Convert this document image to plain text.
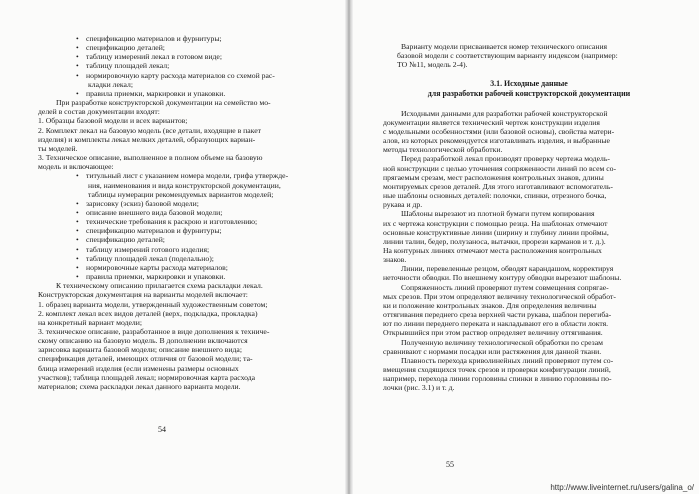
• спецификацию материалов и фурнитуры;
• спецификацию деталей;
• таблицу измерений лекал в готовом виде;
• таблицу площадей лекал;
• нормировочную карту расхода материалов со схемой рас-
кладки лекал;
• правила приемки, маркировки и упаковки.
При разработке конструкторской документации на семейство мо-
делей в состав документации входят:
1. Образцы базовой модели и всех вариантов;
2. Комплект лекал на базовую модель (все детали, входящие в пакет
изделия) и комплекты лекал мелких деталей, образующих вариан-
ты моделей.
3. Техническое описание, выполненное в полном объеме на базовую
модель и включающее:
• титульный лист с указанием номера модели, грифа утвержде-
ния, наименования и вида конструкторской документации,
таблицы нумерации рекомендуемых вариантов моделей;
• зарисовку (эскиз) базовой модели;
• описание внешнего вида базовой модели;
• технические требования к раскрою и изготовлению;
• спецификацию материалов и фурнитуры;
• спецификацию деталей;
• таблицу измерений готового изделия;
• таблицу площадей лекал (поделально);
• нормировочные карты расхода материалов;
• правила приемки, маркировки и упаковки.
К техническому описанию прилагается схема раскладки лекал.
Конструкторская документация на варианты моделей включает:
1. образец варианта модели, утвержденный художественным советом;
2. комплект лекал всех видов деталей (верх, подкладка, прокладка)
на конкретный вариант модели;
3. техническое описание, разработанное в виде дополнения к техниче-
скому описанию на базовую модель. В дополнении включаются
зарисовка варианта базовой модели; описание внешнего вида;
спецификация деталей, имеющих отличия от базовой модели; та-
блица измерений изделия (если изменены размеры основных
участков); таблица площадей лекал; нормировочная карта расхода
материалов; схема раскладки лекал данного варианта модели.
54
Варианту модели присваивается номер технического описания
базовой модели с соответствующим варианту индексом (например:
ТО №11, модель 2-4).
3.1. Исходные данные
для разработки рабочей конструкторской документации
Исходными данными для разработки рабочей конструкторской
документации является технический чертеж конструкции изделия
с модельными особенностями (или базовой основы), свойства матери-
алов, из которых рекомендуется изготавливать изделия, и выбранные
методы технологической обработки.
Перед разработкой лекал производят проверку чертежа модель-
ной конструкции с целью уточнения сопряженности линий по всем со-
прягаемым срезам, мест расположения контрольных знаков, длины
монтируемых срезов деталей. Для этого изготавливают вспомогатель-
ные шаблоны основных деталей: полочки, спинки, отрезного бочка,
рукава и др.
Шаблоны вырезают из плотной бумаги путем копирования
их с чертежа конструкции с помощью резца. На шаблонах отмечают
основные конструктивные линии (ширину и глубину линии проймы,
линии талии, бедер, полузаноса, вытачки, прорези карманов и т. д.).
На контурных линиях отмечают места расположения контрольных
знаков.
Линии, перевеленные резцом, обводят карандашом, корректируя
неточности обводки. По внешнему контуру обводки вырезают шаблоны.
Сопряженность линий проверяют путем совмещения сопрягае-
мых срезов. При этом определяют величину технологической обработ-
ки и положение контрольных знаков. Для определения величины
оттягивания переднего среза верхней части рукава, шаблон перегиба-
ют по линии переднего переката и накладывают его в области локтя.
Открывшийся при этом раствор определяет величину оттягивания.
Полученную величину технологической обработки по срезам
сравнивают с нормами посадки или растяжения для данной ткани.
Плавность перехода криволинейных линий проверяют путем со-
вмещения сходящихся точек срезов и проверки конфигурации линий,
например, перехода линии горловины спинки в линию горловины по-
лочки (рис. 3.1) и т. д.
55
http://www.liveinternet.ru/users/galina_o/
